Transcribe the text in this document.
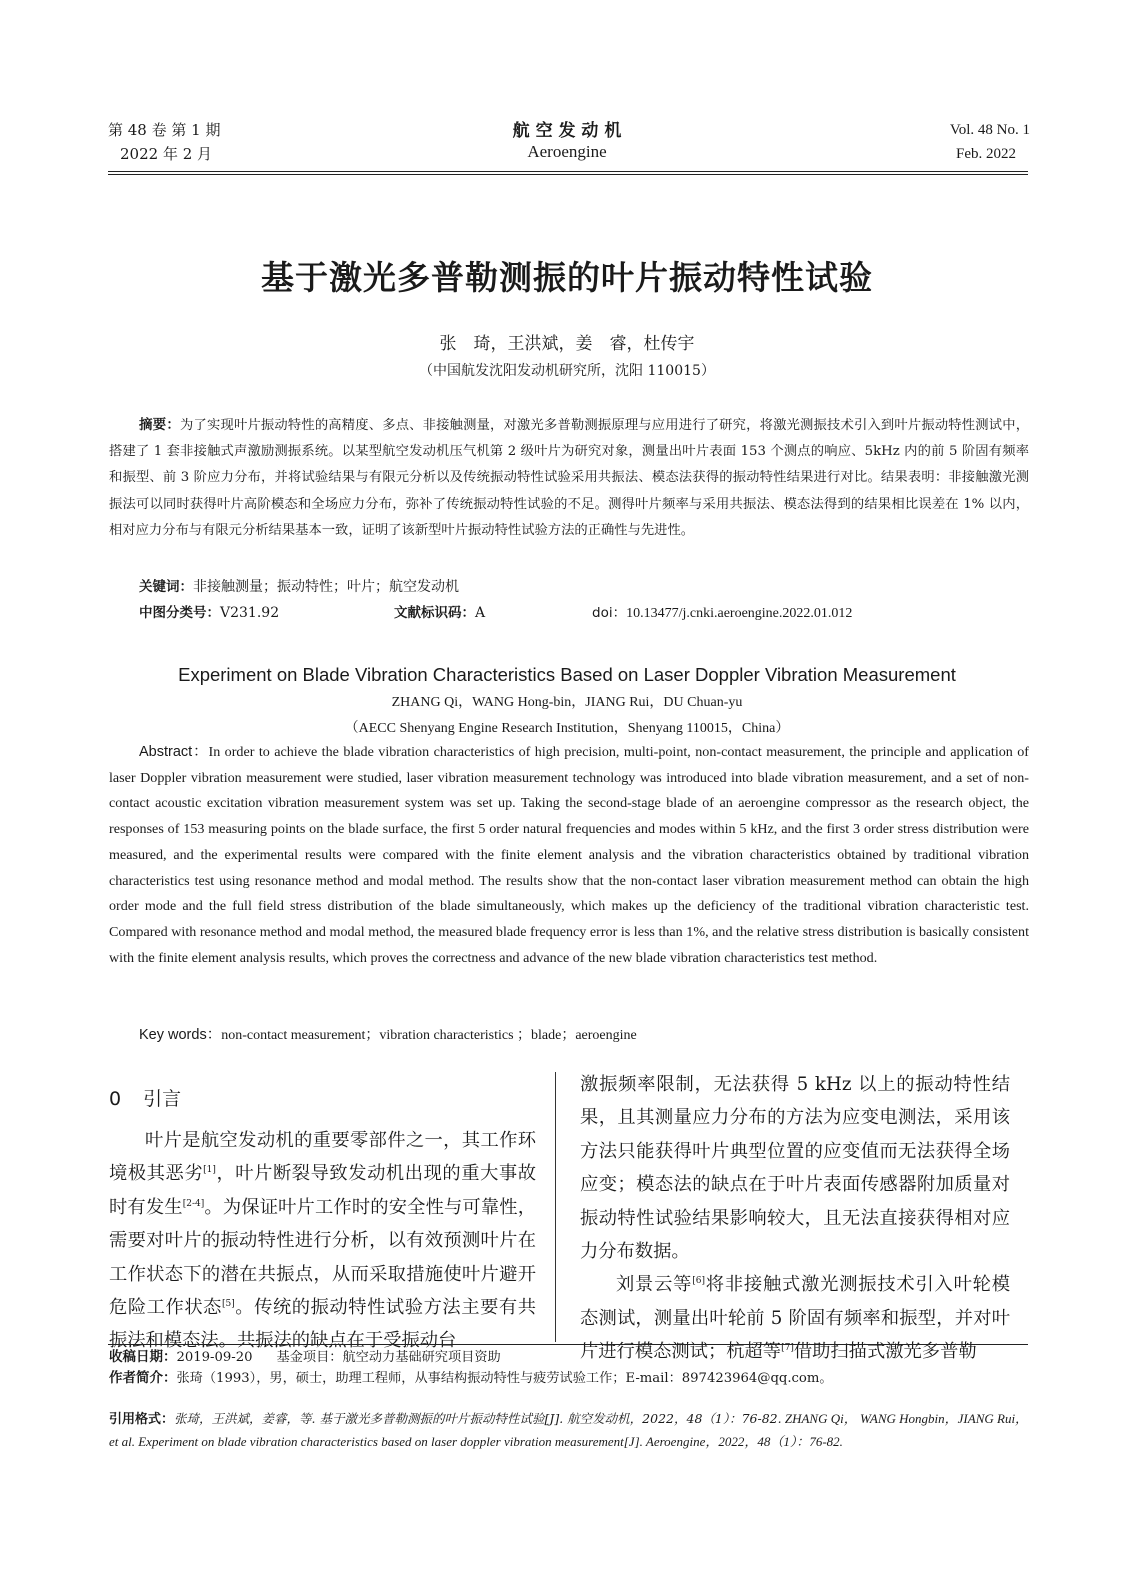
第 48 卷 第 1 期
2022 年 2 月
航 空 发 动 机
Aeroengine
Vol. 48 No. 1
Feb. 2022
基于激光多普勒测振的叶片振动特性试验
张　琦，王洪斌，姜　睿，杜传宇
（中国航发沈阳发动机研究所，沈阳 110015）
摘要：为了实现叶片振动特性的高精度、多点、非接触测量，对激光多普勒测振原理与应用进行了研究，将激光测振技术引入到叶片振动特性测试中，搭建了 1 套非接触式声激励测振系统。以某型航空发动机压气机第 2 级叶片为研究对象，测量出叶片表面 153 个测点的响应、5kHz 内的前 5 阶固有频率和振型、前 3 阶应力分布，并将试验结果与有限元分析以及传统振动特性试验采用共振法、模态法获得的振动特性结果进行对比。结果表明：非接触激光测振法可以同时获得叶片高阶模态和全场应力分布，弥补了传统振动特性试验的不足。测得叶片频率与采用共振法、模态法得到的结果相比误差在 1% 以内，相对应力分布与有限元分析结果基本一致，证明了该新型叶片振动特性试验方法的正确性与先进性。
关键词：非接触测量；振动特性；叶片；航空发动机
中图分类号：V231.92	文献标识码：A	doi：10.13477/j.cnki.aeroengine.2022.01.012
Experiment on Blade Vibration Characteristics Based on Laser Doppler Vibration Measurement
ZHANG Qi，WANG Hong-bin，JIANG Rui，DU Chuan-yu
（AECC Shenyang Engine Research Institution，Shenyang 110015，China）
Abstract：In order to achieve the blade vibration characteristics of high precision, multi-point, non-contact measurement, the principle and application of laser Doppler vibration measurement were studied, laser vibration measurement technology was introduced into blade vibration measurement, and a set of non-contact acoustic excitation vibration measurement system was set up. Taking the second-stage blade of an aeroengine compressor as the research object, the responses of 153 measuring points on the blade surface, the first 5 order natural frequencies and modes within 5 kHz, and the first 3 order stress distribution were measured, and the experimental results were compared with the finite element analysis and the vibration characteristics obtained by traditional vibration characteristics test using resonance method and modal method. The results show that the non-contact laser vibration measurement method can obtain the high order mode and the full field stress distribution of the blade simultaneously, which makes up the deficiency of the traditional vibration characteristic test. Compared with resonance method and modal method, the measured blade frequency error is less than 1%, and the relative stress distribution is basically consistent with the finite element analysis results, which proves the correctness and advance of the new blade vibration characteristics test method.
Key words：non-contact measurement；vibration characteristics ；blade；aeroengine
0 引言

叶片是航空发动机的重要零部件之一，其工作环境极其恶劣[1]，叶片断裂导致发动机出现的重大事故时有发生[2-4]。为保证叶片工作时的安全性与可靠性，需要对叶片的振动特性进行分析，以有效预测叶片在工作状态下的潜在共振点，从而采取措施使叶片避开危险工作状态[5]。传统的振动特性试验方法主要有共振法和模态法。共振法的缺点在于受振动台

激振频率限制，无法获得 5 kHz 以上的振动特性结果，且其测量应力分布的方法为应变电测法，采用该方法只能获得叶片典型位置的应变值而无法获得全场应变；模态法的缺点在于叶片表面传感器附加质量对振动特性试验结果影响较大，且无法直接获得相对应力分布数据。

刘景云等[6]将非接触式激光测振技术引入叶轮模态测试，测量出叶轮前 5 阶固有频率和振型，并对叶片进行模态测试；杭超等[7]借助扫描式激光多普勒

收稿日期：2019-09-20 基金项目：航空动力基础研究项目资助
作者简介：张琦（1993），男，硕士，助理工程师，从事结构振动特性与疲劳试验工作；E-mail：897423964@qq.com。
引用格式：张琦，王洪斌，姜睿，等. 基于激光多普勒测振的叶片振动特性试验[J]. 航空发动机，2022，48（1）：76-82. ZHANG Qi， WANG Hongbin，JIANG Rui，et al. Experiment on blade vibration characteristics based on laser doppler vibration measurement[J]. Aeroengine，2022，48（1）：76-82.
